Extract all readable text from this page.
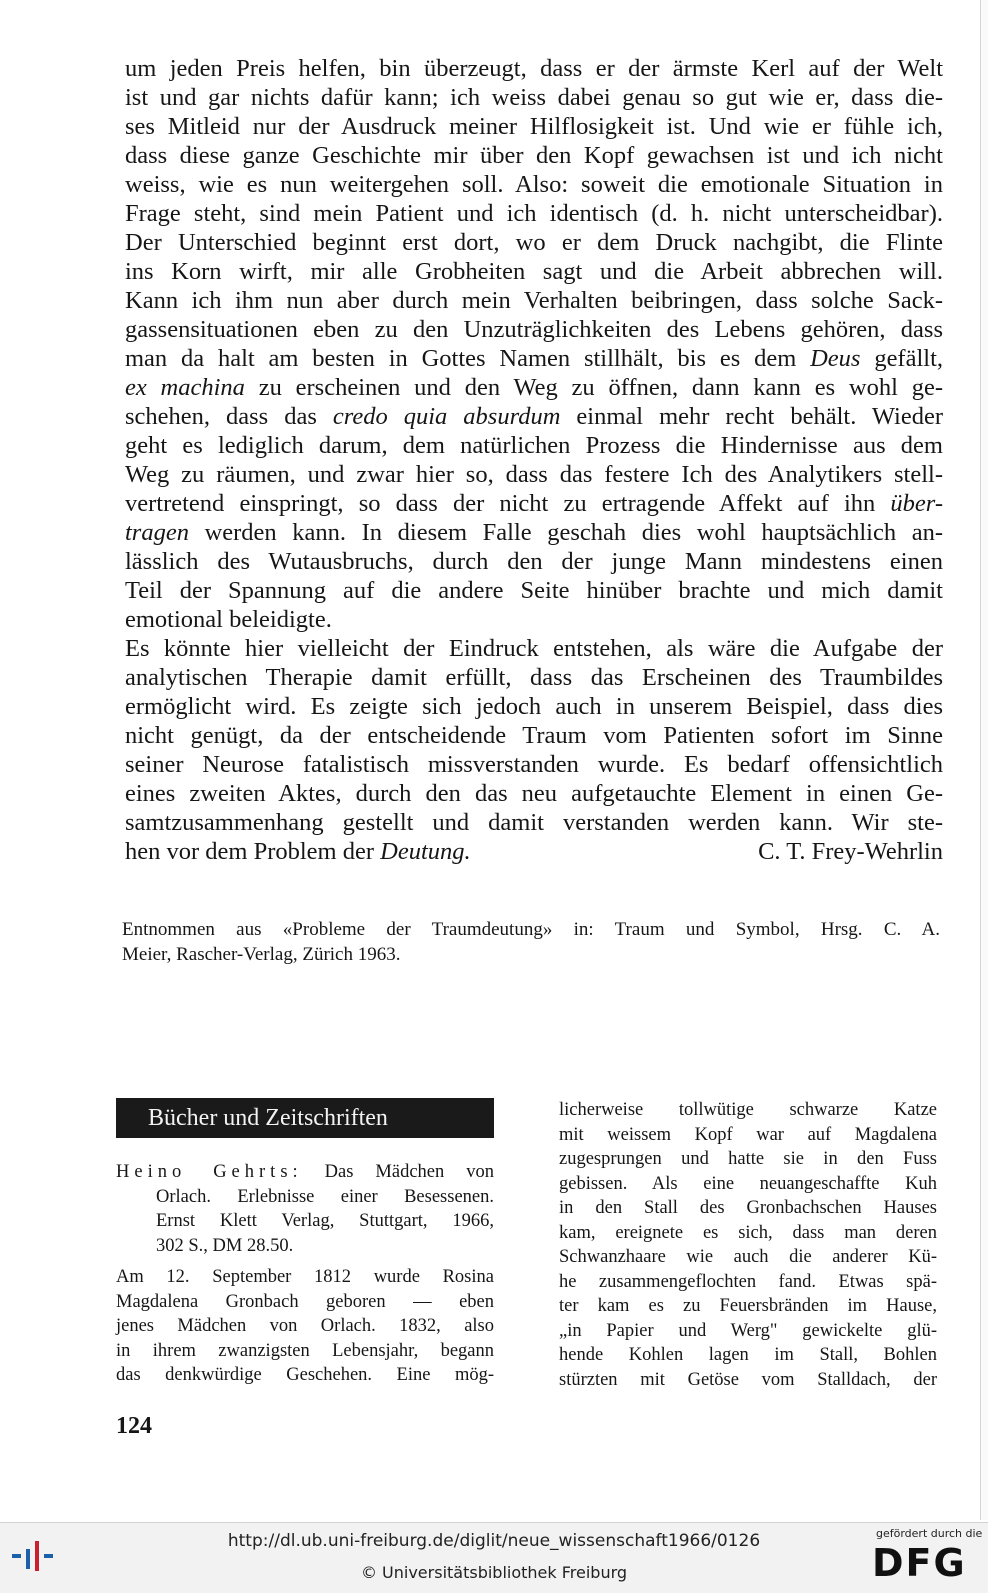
um jeden Preis helfen, bin überzeugt, dass er der ärmste Kerl auf der Welt
ist und gar nichts dafür kann; ich weiss dabei genau so gut wie er, dass die-
ses Mitleid nur der Ausdruck meiner Hilflosigkeit ist. Und wie er fühle ich,
dass diese ganze Geschichte mir über den Kopf gewachsen ist und ich nicht
weiss, wie es nun weitergehen soll. Also: soweit die emotionale Situation in
Frage steht, sind mein Patient und ich identisch (d. h. nicht unterscheidbar).
Der Unterschied beginnt erst dort, wo er dem Druck nachgibt, die Flinte
ins Korn wirft, mir alle Grobheiten sagt und die Arbeit abbrechen will.
Kann ich ihm nun aber durch mein Verhalten beibringen, dass solche Sack-
gassensituationen eben zu den Unzuträglichkeiten des Lebens gehören, dass
man da halt am besten in Gottes Namen stillhält, bis es dem Deus gefällt,
ex machina zu erscheinen und den Weg zu öffnen, dann kann es wohl ge-
schehen, dass das credo quia absurdum einmal mehr recht behält. Wieder
geht es lediglich darum, dem natürlichen Prozess die Hindernisse aus dem
Weg zu räumen, und zwar hier so, dass das festere Ich des Analytikers stell-
vertretend einspringt, so dass der nicht zu ertragende Affekt auf ihn über-
tragen werden kann. In diesem Falle geschah dies wohl hauptsächlich an-
lässlich des Wutausbruchs, durch den der junge Mann mindestens einen
Teil der Spannung auf die andere Seite hinüber brachte und mich damit
emotional beleidigte.
Es könnte hier vielleicht der Eindruck entstehen, als wäre die Aufgabe der
analytischen Therapie damit erfüllt, dass das Erscheinen des Traumbildes
ermöglicht wird. Es zeigte sich jedoch auch in unserem Beispiel, dass dies
nicht genügt, da der entscheidende Traum vom Patienten sofort im Sinne
seiner Neurose fatalistisch missverstanden wurde. Es bedarf offensichtlich
eines zweiten Aktes, durch den das neu aufgetauchte Element in einen Ge-
samtzusammenhang gestellt und damit verstanden werden kann. Wir ste-
hen vor dem Problem der Deutung.	C. T. Frey-Wehrlin
Entnommen aus «Probleme der Traumdeutung» in: Traum und Symbol, Hrsg. C. A.
Meier, Rascher-Verlag, Zürich 1963.
Bücher und Zeitschriften
Heino Gehrts: Das Mädchen von
Orlach. Erlebnisse einer Besessenen.
Ernst Klett Verlag, Stuttgart, 1966,
302 S., DM 28.50.
Am 12. September 1812 wurde Rosina
Magdalena Gronbach geboren — eben
jenes Mädchen von Orlach. 1832, also
in ihrem zwanzigsten Lebensjahr, begann
das denkwürdige Geschehen. Eine mög-
licherweise tollwütige schwarze Katze
mit weissem Kopf war auf Magdalena
zugesprungen und hatte sie in den Fuss
gebissen. Als eine neuangeschaffte Kuh
in den Stall des Gronbachschen Hauses
kam, ereignete es sich, dass man deren
Schwanzhaare wie auch die anderer Kü-
he zusammengeflochten fand. Etwas spä-
ter kam es zu Feuersbränden im Hause,
„in Papier und Werg" gewickelte glü-
hende Kohlen lagen im Stall, Bohlen
stürzten mit Getöse vom Stalldach, der
124
http://dl.ub.uni-freiburg.de/diglit/neue_wissenschaft1966/0126
© Universitätsbibliothek Freiburg
gefördert durch die
DFG
